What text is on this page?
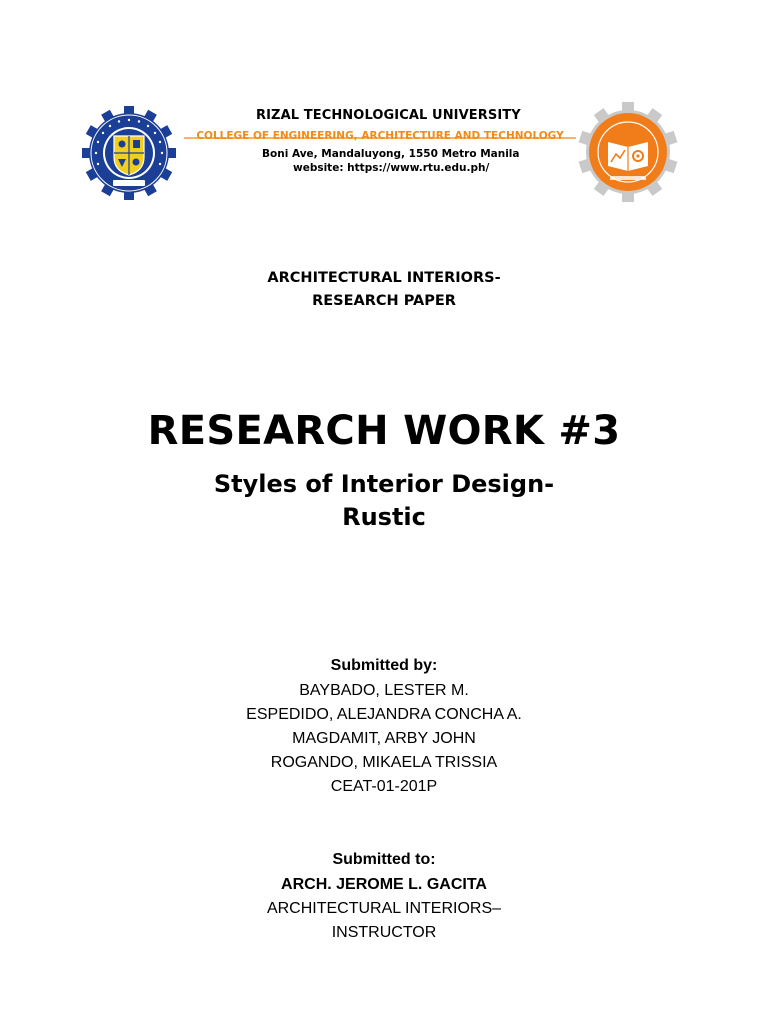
RIZAL TECHNOLOGICAL UNIVERSITY
COLLEGE OF ENGINEERING, ARCHITECTURE AND TECHNOLOGY
Boni Ave, Mandaluyong, 1550 Metro Manila
website: https://www.rtu.edu.ph/
ARCHITECTURAL INTERIORS-
RESEARCH PAPER
RESEARCH WORK #3
Styles of Interior Design-
Rustic
Submitted by:
BAYBADO, LESTER M.
ESPEDIDO, ALEJANDRA CONCHA A.
MAGDAMIT, ARBY JOHN
ROGANDO, MIKAELA TRISSIA
CEAT-01-201P
Submitted to:
ARCH. JEROME L. GACITA
ARCHITECTURAL INTERIORS–
INSTRUCTOR
